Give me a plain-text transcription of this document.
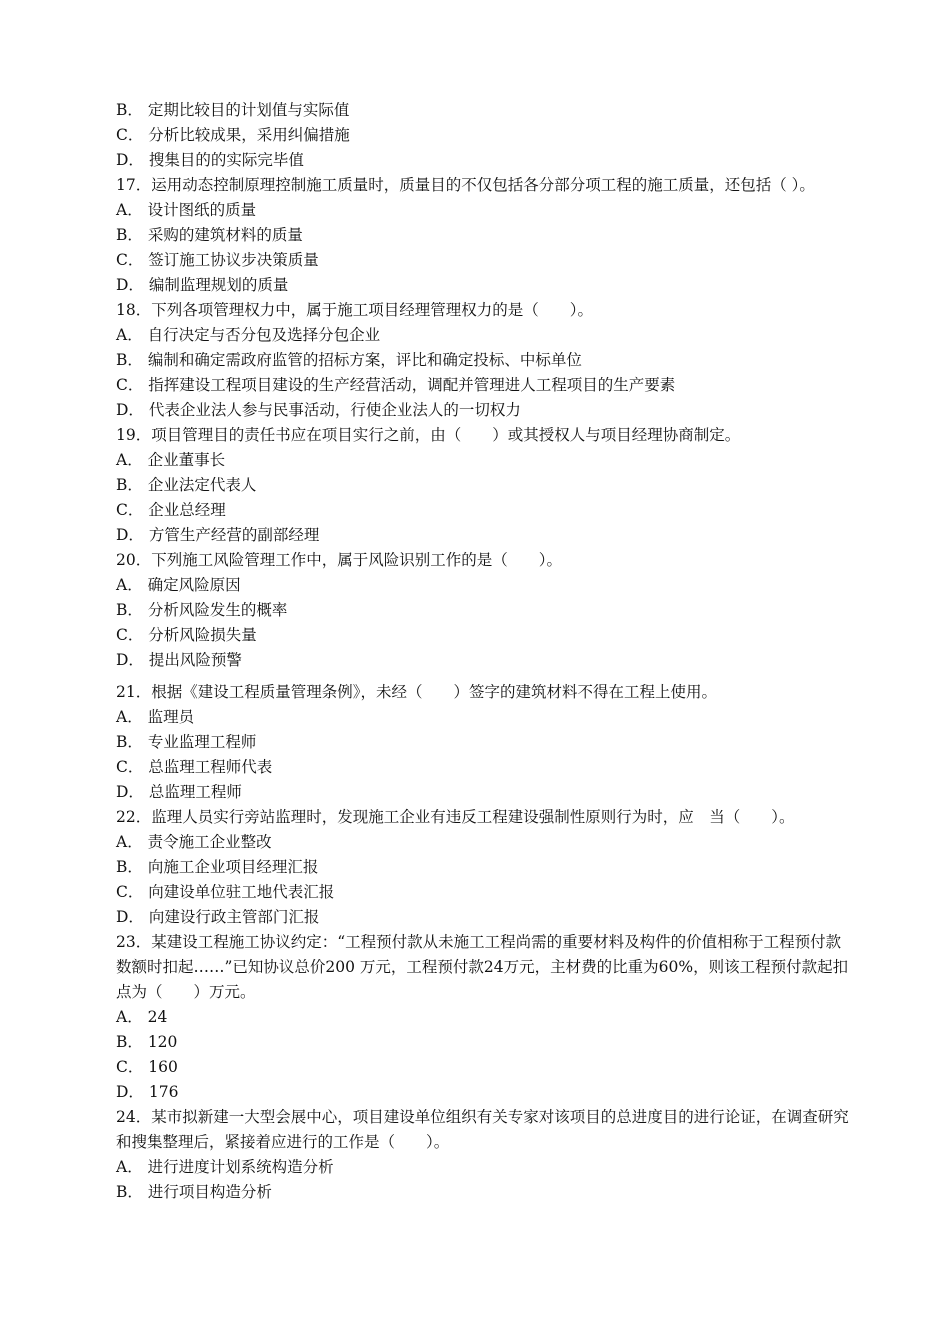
B． 定期比较目的计划值与实际值
C． 分析比较成果，采用纠偏措施
D． 搜集目的的实际完毕值
17．运用动态控制原理控制施工质量时，质量目的不仅包括各分部分项工程的施工质量，还包括（ ）。
A． 设计图纸的质量
B． 采购的建筑材料的质量
C． 签订施工协议步决策质量
D． 编制监理规划的质量
18．下列各项管理权力中，属于施工项目经理管理权力的是（　　）。
A． 自行决定与否分包及选择分包企业
B． 编制和确定需政府监管的招标方案，评比和确定投标、中标单位
C． 指挥建设工程项目建设的生产经营活动，调配并管理进人工程项目的生产要素
D． 代表企业法人参与民事活动，行使企业法人的一切权力
19．项目管理目的责任书应在项目实行之前，由（　　）或其授权人与项目经理协商制定。
A． 企业董事长
B． 企业法定代表人
C． 企业总经理
D． 方管生产经营的副部经理
20．下列施工风险管理工作中，属于风险识别工作的是（　　）。
A． 确定风险原因
B． 分析风险发生的概率
C． 分析风险损失量
D． 提出风险预警
21．根据《建设工程质量管理条例》，未经（　　）签字的建筑材料不得在工程上使用。
A． 监理员
B． 专业监理工程师
C． 总监理工程师代表
D． 总监理工程师
22．监理人员实行旁站监理时，发现施工企业有违反工程建设强制性原则行为时，应　当（　　）。
A． 责令施工企业整改
B． 向施工企业项目经理汇报
C． 向建设单位驻工地代表汇报
D． 向建设行政主管部门汇报
23．某建设工程施工协议约定：“工程预付款从未施工工程尚需的重要材料及构件的价值相称于工程预付款数额时扣起……”已知协议总价200 万元，工程预付款24万元，主材费的比重为60%，则该工程预付款起扣点为（　　）万元。
A． 24
B． 120
C． 160
D． 176
24．某市拟新建一大型会展中心，项目建设单位组织有关专家对该项目的总进度目的进行论证，在调查研究和搜集整理后，紧接着应进行的工作是（　　）。
A． 进行进度计划系统构造分析
B． 进行项目构造分析
